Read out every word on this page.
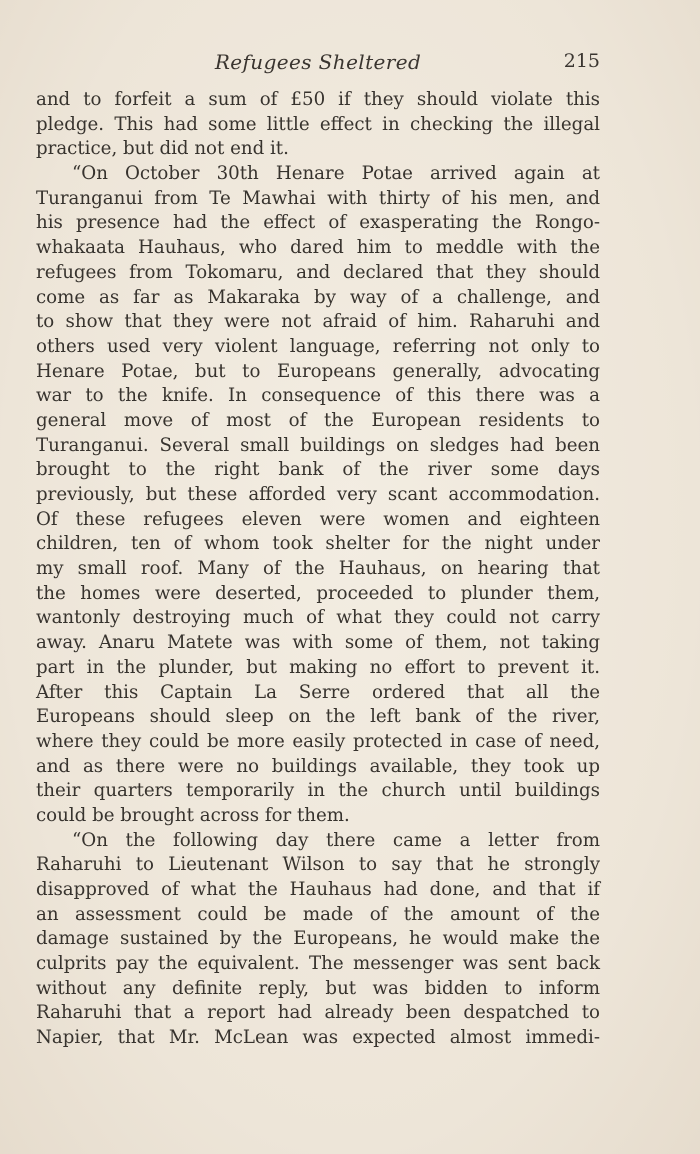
Refugees Sheltered	215
and to forfeit a sum of £50 if they should violate this
pledge. This had some little effect in checking the illegal
practice, but did not end it.
“On October 30th Henare Potae arrived again at
Turanganui from Te Mawhai with thirty of his men, and
his presence had the effect of exasperating the Rongo-
whakaata Hauhaus, who dared him to meddle with the
refugees from Tokomaru, and declared that they should
come as far as Makaraka by way of a challenge, and
to show that they were not afraid of him. Raharuhi and
others used very violent language, referring not only to
Henare Potae, but to Europeans generally, advocating
war to the knife. In consequence of this there was a
general move of most of the European residents to
Turanganui. Several small buildings on sledges had been
brought to the right bank of the river some days
previously, but these afforded very scant accommodation.
Of these refugees eleven were women and eighteen
children, ten of whom took shelter for the night under
my small roof. Many of the Hauhaus, on hearing that
the homes were deserted, proceeded to plunder them,
wantonly destroying much of what they could not carry
away. Anaru Matete was with some of them, not taking
part in the plunder, but making no effort to prevent it.
After this Captain La Serre ordered that all the
Europeans should sleep on the left bank of the river,
where they could be more easily protected in case of need,
and as there were no buildings available, they took up
their quarters temporarily in the church until buildings
could be brought across for them.
“On the following day there came a letter from
Raharuhi to Lieutenant Wilson to say that he strongly
disapproved of what the Hauhaus had done, and that if
an assessment could be made of the amount of the
damage sustained by the Europeans, he would make the
culprits pay the equivalent. The messenger was sent back
without any definite reply, but was bidden to inform
Raharuhi that a report had already been despatched to
Napier, that Mr. McLean was expected almost immedi-
